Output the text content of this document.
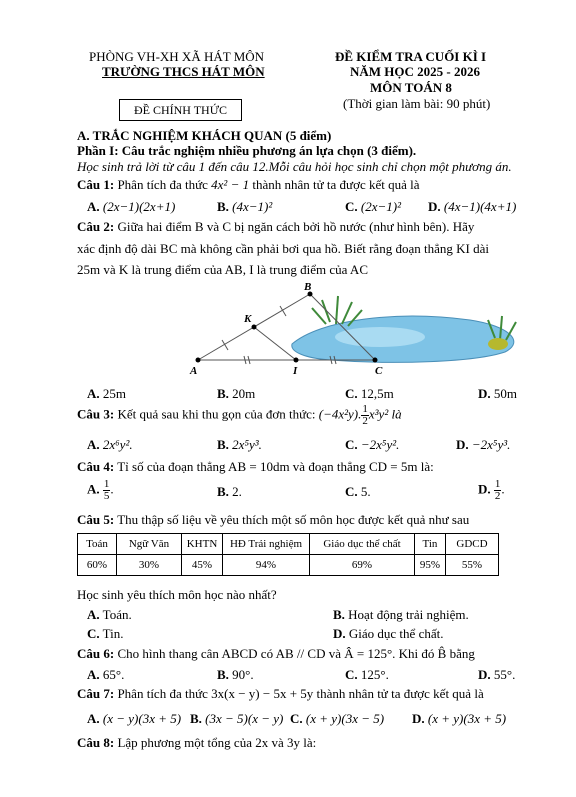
PHÒNG VH-XH XÃ HÁT MÔN
TRƯỜNG THCS HÁT MÔN
ĐỀ CHÍNH THỨC
ĐỀ KIỂM TRA CUỐI KÌ I
NĂM HỌC 2025 - 2026
MÔN TOÁN 8
(Thời gian làm bài: 90 phút)
A. TRẮC NGHIỆM KHÁCH QUAN (5 điểm)
Phần I: Câu trắc nghiệm nhiều phương án lựa chọn (3 điểm).
Học sinh trả lời từ câu 1 đến câu 12.Mỗi câu hỏi học sinh chỉ chọn một phương án.
Câu 1: Phân tích đa thức 4x² − 1 thành nhân tử ta được kết quả là
A. (2x−1)(2x+1)	B. (4x−1)²	C. (2x−1)² D. (4x−1)(4x+1)
Câu 2: Giữa hai điểm B và C bị ngăn cách bởi hồ nước (như hình bên). Hãy
xác định độ dài BC mà không cần phải bơi qua hồ. Biết rằng đoạn thẳng KI dài
25m và K là trung điểm của AB, I là trung điểm của AC
A
B
C
I
K
A. 25m	B. 20m	C. 12,5m	D. 50m
Câu 3: Kết quả sau khi thu gọn của đơn thức: (−4x²y). $\frac{1}{2} x^3y^2$ là
A. 2x⁶y².	B. 2x⁵y³.	C. −2x⁵y².	D. −2x⁵y³.
Câu 4: Tỉ số của đoạn thẳng AB = 10dm và đoạn thẳng CD = 5m là:
A. $\frac{1}{5}$ .	B. 2.	C. 5.	D. $\frac{1}{2}$ .
Câu 5: Thu thập số liệu về yêu thích một số môn học được kết quả như sau
Toán	Ngữ Văn	KHTN	HĐ Trải nghiệm	Giáo dục thể chất	Tin	GDCD
60%	30%	45%	94%	69%	95%	55%
Học sinh yêu thích môn học nào nhất?
A. Toán.	B. Hoạt động trải nghiệm.
C. Tin.	D. Giáo dục thể chất.
Câu 6: Cho hình thang cân ABCD có AB // CD và Â = 125°. Khi đó B̂ bằng
A. 65°.	B. 90°.	C. 125°.	D. 55°.
Câu 7: Phân tích đa thức 3x(x − y) − 5x + 5y thành nhân tử ta được kết quả là
A. (x − y)(3x + 5) B. (3x − 5)(x − y) C. (x + y)(3x − 5) D. (x + y)(3x + 5)
Câu 8: Lập phương một tổng của 2x và 3y là:
